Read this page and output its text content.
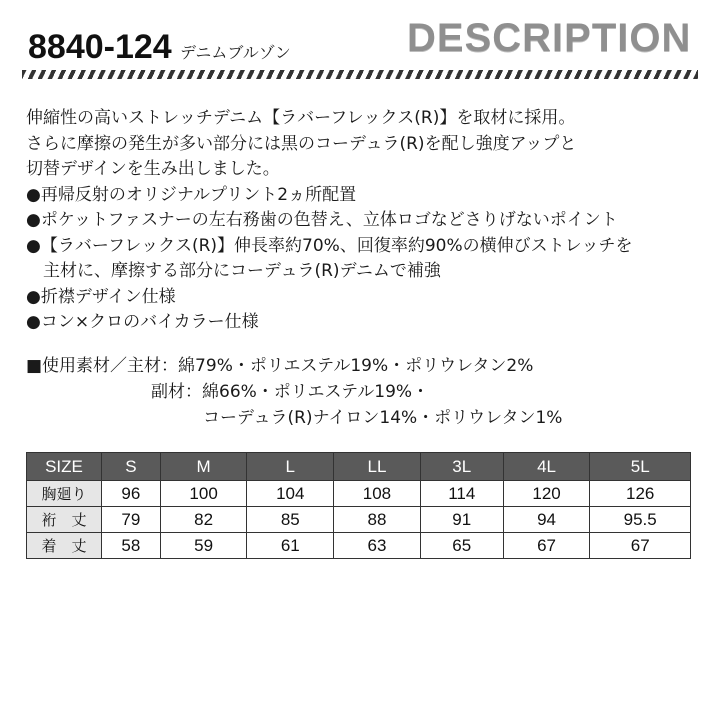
8840-124 デニムブルゾン	DESCRIPTION

伸縮性の高いストレッチデニム【ラバーフレックス(R)】を取材に採用。

さらに摩擦の発生が多い部分には黒のコーデュラ(R)を配し強度アップと

切替デザインを生み出しました。

●再帰反射のオリジナルプリント2ヵ所配置

●ポケットファスナーの左右務歯の色替え、立体ロゴなどさりげないポイント

●【ラバーフレックス(R)】伸長率約70%、回復率約90%の横伸びストレッチを

主材に、摩擦する部分にコーデュラ(R)デニムで補強

●折襟デザイン仕様

●コン×クロのバイカラー仕様

■使用素材／主材：綿79%・ポリエステル19%・ポリウレタン2%

副材：綿66%・ポリエステル19%・

コーデュラ(R)ナイロン14%・ポリウレタン1%

SIZE	S	M	L	LL	3L	4L	5L
胸廻り	96	100	104	108	114	120	126
裄　丈	79	82	85	88	91	94	95.5
着　丈	58	59	61	63	65	67	67
